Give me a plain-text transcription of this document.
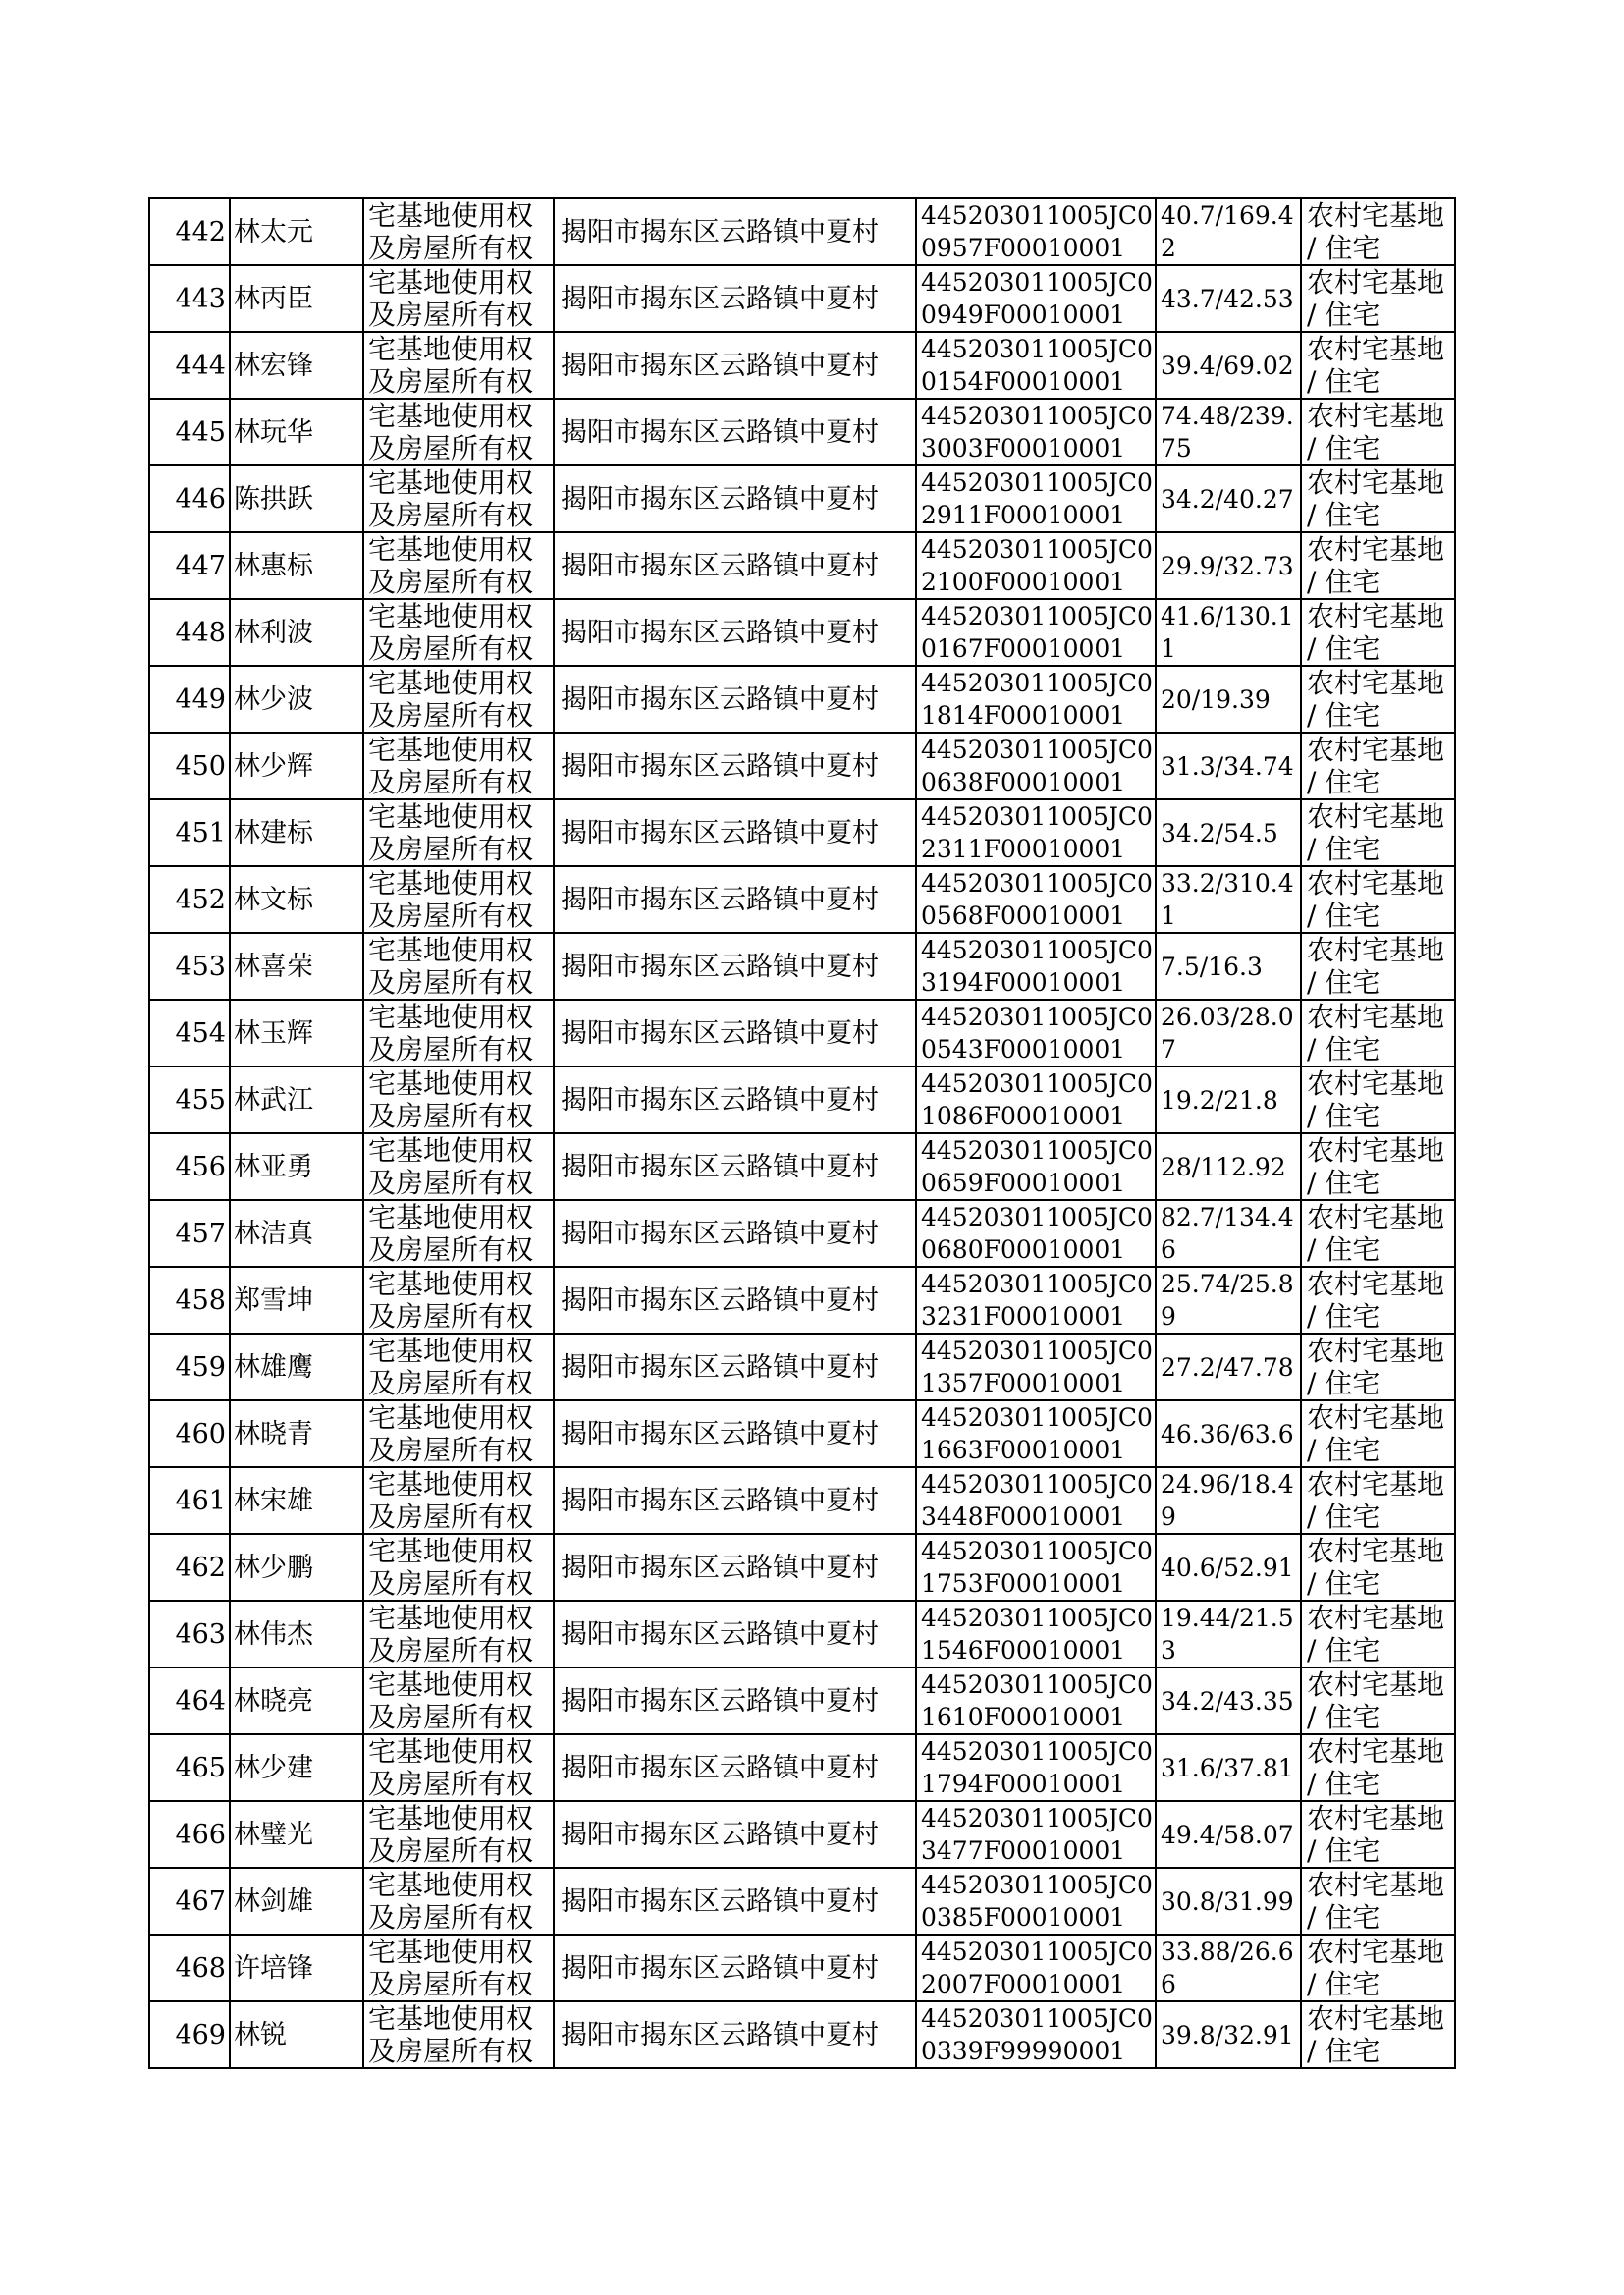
442	林太元	宅基地使用权及房屋所有权	揭阳市揭东区云路镇中夏村	445203011005JC00957F00010001	40.7/169.42	农村宅基地 / 住宅

443	林丙臣	宅基地使用权及房屋所有权	揭阳市揭东区云路镇中夏村	445203011005JC00949F00010001	43.7/42.53	农村宅基地 / 住宅

444	林宏锋	宅基地使用权及房屋所有权	揭阳市揭东区云路镇中夏村	445203011005JC00154F00010001	39.4/69.02	农村宅基地 / 住宅

445	林玩华	宅基地使用权及房屋所有权	揭阳市揭东区云路镇中夏村	445203011005JC03003F00010001	74.48/239.75	农村宅基地 / 住宅

446	陈拱跃	宅基地使用权及房屋所有权	揭阳市揭东区云路镇中夏村	445203011005JC02911F00010001	34.2/40.27	农村宅基地 / 住宅

447	林惠标	宅基地使用权及房屋所有权	揭阳市揭东区云路镇中夏村	445203011005JC02100F00010001	29.9/32.73	农村宅基地 / 住宅

448	林利波	宅基地使用权及房屋所有权	揭阳市揭东区云路镇中夏村	445203011005JC00167F00010001	41.6/130.11	农村宅基地 / 住宅

449	林少波	宅基地使用权及房屋所有权	揭阳市揭东区云路镇中夏村	445203011005JC01814F00010001	20/19.39	农村宅基地 / 住宅

450	林少辉	宅基地使用权及房屋所有权	揭阳市揭东区云路镇中夏村	445203011005JC00638F00010001	31.3/34.74	农村宅基地 / 住宅

451	林建标	宅基地使用权及房屋所有权	揭阳市揭东区云路镇中夏村	445203011005JC02311F00010001	34.2/54.5	农村宅基地 / 住宅

452	林文标	宅基地使用权及房屋所有权	揭阳市揭东区云路镇中夏村	445203011005JC00568F00010001	33.2/310.41	农村宅基地 / 住宅

453	林喜荣	宅基地使用权及房屋所有权	揭阳市揭东区云路镇中夏村	445203011005JC03194F00010001	7.5/16.3	农村宅基地 / 住宅

454	林玉辉	宅基地使用权及房屋所有权	揭阳市揭东区云路镇中夏村	445203011005JC00543F00010001	26.03/28.07	农村宅基地 / 住宅

455	林武江	宅基地使用权及房屋所有权	揭阳市揭东区云路镇中夏村	445203011005JC01086F00010001	19.2/21.8	农村宅基地 / 住宅

456	林亚勇	宅基地使用权及房屋所有权	揭阳市揭东区云路镇中夏村	445203011005JC00659F00010001	28/112.92	农村宅基地 / 住宅

457	林洁真	宅基地使用权及房屋所有权	揭阳市揭东区云路镇中夏村	445203011005JC00680F00010001	82.7/134.46	农村宅基地 / 住宅

458	郑雪坤	宅基地使用权及房屋所有权	揭阳市揭东区云路镇中夏村	445203011005JC03231F00010001	25.74/25.89	农村宅基地 / 住宅

459	林雄鹰	宅基地使用权及房屋所有权	揭阳市揭东区云路镇中夏村	445203011005JC01357F00010001	27.2/47.78	农村宅基地 / 住宅

460	林晓青	宅基地使用权及房屋所有权	揭阳市揭东区云路镇中夏村	445203011005JC01663F00010001	46.36/63.6	农村宅基地 / 住宅

461	林宋雄	宅基地使用权及房屋所有权	揭阳市揭东区云路镇中夏村	445203011005JC03448F00010001	24.96/18.49	农村宅基地 / 住宅

462	林少鹏	宅基地使用权及房屋所有权	揭阳市揭东区云路镇中夏村	445203011005JC01753F00010001	40.6/52.91	农村宅基地 / 住宅

463	林伟杰	宅基地使用权及房屋所有权	揭阳市揭东区云路镇中夏村	445203011005JC01546F00010001	19.44/21.53	农村宅基地 / 住宅

464	林晓亮	宅基地使用权及房屋所有权	揭阳市揭东区云路镇中夏村	445203011005JC01610F00010001	34.2/43.35	农村宅基地 / 住宅

465	林少建	宅基地使用权及房屋所有权	揭阳市揭东区云路镇中夏村	445203011005JC01794F00010001	31.6/37.81	农村宅基地 / 住宅

466	林璧光	宅基地使用权及房屋所有权	揭阳市揭东区云路镇中夏村	445203011005JC03477F00010001	49.4/58.07	农村宅基地 / 住宅

467	林剑雄	宅基地使用权及房屋所有权	揭阳市揭东区云路镇中夏村	445203011005JC00385F00010001	30.8/31.99	农村宅基地 / 住宅

468	许培锋	宅基地使用权及房屋所有权	揭阳市揭东区云路镇中夏村	445203011005JC02007F00010001	33.88/26.66	农村宅基地 / 住宅

469	林锐	宅基地使用权及房屋所有权	揭阳市揭东区云路镇中夏村	445203011005JC00339F99990001	39.8/32.91	农村宅基地 / 住宅
